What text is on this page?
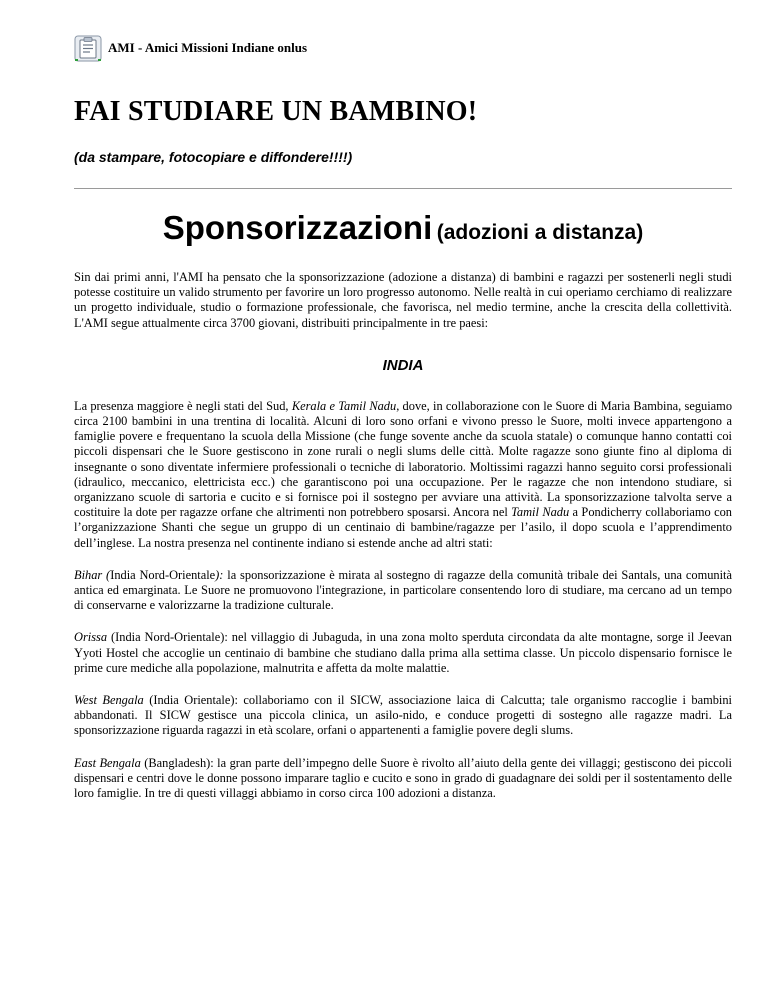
AMI - Amici Missioni Indiane onlus
FAI STUDIARE UN BAMBINO!
(da stampare, fotocopiare e diffondere!!!!)
Sponsorizzazioni (adozioni a distanza)

Sin dai primi anni, l'AMI ha pensato che la sponsorizzazione (adozione a distanza) di bambini e ragazzi per sostenerli negli studi potesse costituire un valido strumento per favorire un loro progresso autonomo. Nelle realtà in cui operiamo cerchiamo di realizzare un progetto individuale, studio o formazione professionale, che favorisca, nel medio termine, anche la crescita della collettività. L'AMI segue attualmente circa 3700 giovani, distribuiti principalmente in tre paesi:

INDIA

La presenza maggiore è negli stati del Sud, Kerala e Tamil Nadu, dove, in collaborazione con le Suore di Maria Bambina, seguiamo circa 2100 bambini in una trentina di località. Alcuni di loro sono orfani e vivono presso le Suore, molti invece appartengono a famiglie povere e frequentano la scuola della Missione (che funge sovente anche da scuola statale) o comunque hanno contatti coi piccoli dispensari che le Suore gestiscono in zone rurali o negli slums delle città. Molte ragazze sono giunte fino al diploma di insegnante o sono diventate infermiere professionali o tecniche di laboratorio. Moltissimi ragazzi hanno seguito corsi professionali (idraulico, meccanico, elettricista ecc.) che garantiscono poi una occupazione. Per le ragazze che non intendono studiare, si organizzano scuole di sartoria e cucito e si fornisce poi il sostegno per avviare una attività. La sponsorizzazione talvolta serve a costituire la dote per ragazze orfane che altrimenti non potrebbero sposarsi. Ancora nel Tamil Nadu a Pondicherry collaboriamo con l’organizzazione Shanti che segue un gruppo di un centinaio di bambine/ragazze per l’asilo, il dopo scuola e l’apprendimento dell’inglese. La nostra presenza nel continente indiano si estende anche ad altri stati:

Bihar (India Nord-Orientale): la sponsorizzazione è mirata al sostegno di ragazze della comunità tribale dei Santals, una comunità antica ed emarginata. Le Suore ne promuovono l'integrazione, in particolare consentendo loro di studiare, ma cercano ad un tempo di conservarne e valorizzarne la tradizione culturale.

Orissa (India Nord-Orientale): nel villaggio di Jubaguda, in una zona molto sperduta circondata da alte montagne, sorge il Jeevan Yyoti Hostel che accoglie un centinaio di bambine che studiano dalla prima alla settima classe. Un piccolo dispensario fornisce le prime cure mediche alla popolazione, malnutrita e affetta da molte malattie.

West Bengala (India Orientale): collaboriamo con il SICW, associazione laica di Calcutta; tale organismo raccoglie i bambini abbandonati. Il SICW gestisce una piccola clinica, un asilo-nido, e conduce progetti di sostegno alle ragazze madri. La sponsorizzazione riguarda ragazzi in età scolare, orfani o appartenenti a famiglie povere degli slums.

East Bengala (Bangladesh): la gran parte dell’impegno delle Suore è rivolto all’aiuto della gente dei villaggi; gestiscono dei piccoli dispensari e centri dove le donne possono imparare taglio e cucito e sono in grado di guadagnare dei soldi per il sostentamento delle loro famiglie. In tre di questi villaggi abbiamo in corso circa 100 adozioni a distanza.
